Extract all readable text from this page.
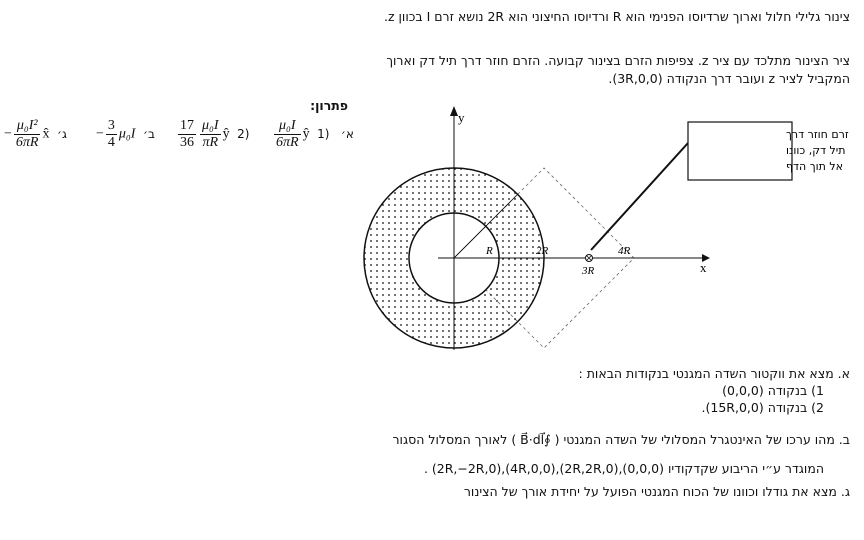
צינור גלילי חלול וארוך שרדיוסו הפנימי הוא R ורדיוסו החיצוני הוא 2R נושא זרם I בכוון z.
ציר הצינור מתלכד עם ציר z. צפיפות הזרם בצינור קבועה. הזרם חוזר דרך תיל דק וארוך
המקביל לציר z ועובר דרך הנקודה (3R,0,0).
פתרון:
− $\frac{\text{μ₀I²}}{6\pi R}$ x̂ ג׳ − $\frac{3}{4} \mu_0I$ ב׳ $\frac{17}{36} \frac{\text{μ₀I}}{\pi R}$ ŷ $2) \frac{\text{μ₀I}}{6\pi R}$ ŷ 1) א׳	זרם חוזר דרך
תיל דק, כוונו
אל תוך הדף
y
x
R	2R
3R
4R
א. מצא את ווקטור השדה המגנטי בנקודות הבאות :
1) בנקודה (0,0,0)
2) בנקודה (15R,0,0).
ב. מהו ערכו של האינטגרל המסלולי של השדה המגנטי ( ∮B⃗·dl⃗ ) לאורך המסלול הסגור
המוגדר ע״י הריבוע שקדקודיו (0,0,0),(2R,2R,0),(4R,0,0),(2R,−2R,0) .
ג. מצא את גודלו וכוונו של הכוח המגנטי הפועל על יחידת אורך של הצינור
